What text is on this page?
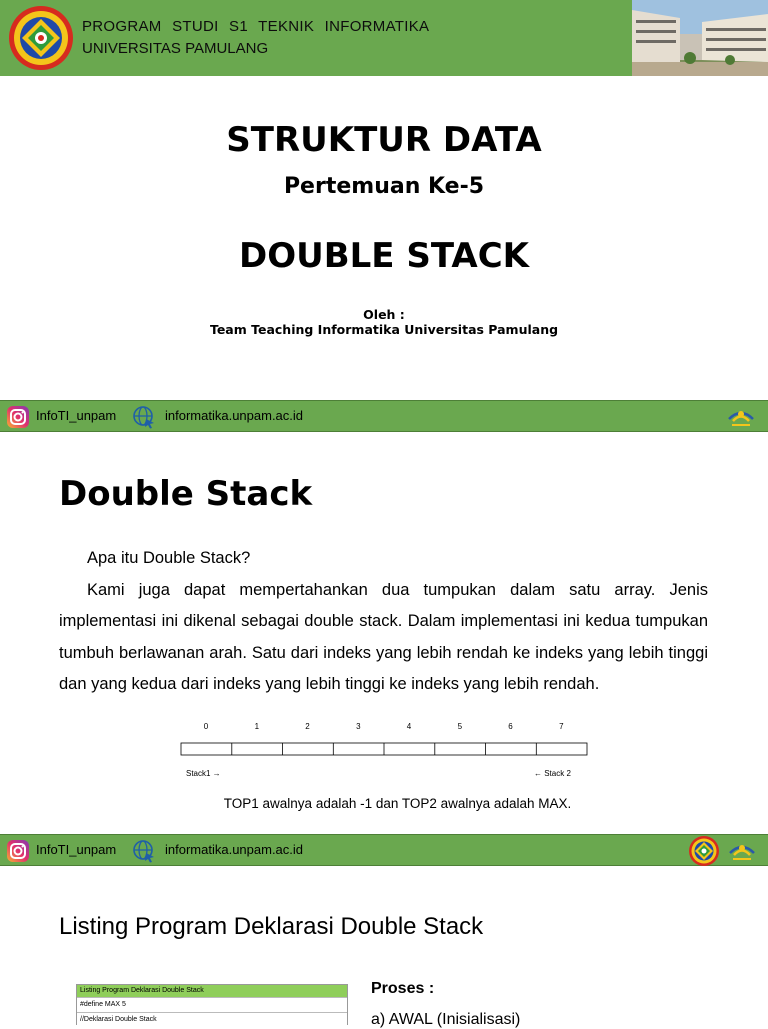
PROGRAM STUDI S1 TEKNIK INFORMATIKA
UNIVERSITAS PAMULANG
STRUKTUR DATA
Pertemuan Ke-5
DOUBLE STACK
Oleh :
Team Teaching Informatika Universitas Pamulang
InfoTI_unpam	informatika.unpam.ac.id
Double Stack

Apa itu Double Stack?

Kami juga dapat mempertahankan dua tumpukan dalam satu array. Jenis implementasi ini dikenal sebagai double stack. Dalam implementasi ini kedua tumpukan tumbuh berlawanan arah. Satu dari indeks yang lebih rendah ke indeks yang lebih tinggi dan yang kedua dari indeks yang lebih tinggi ke indeks yang lebih rendah.

0	1	2	3	4	5	6	7
Stack1 →	← Stack 2
TOP1 awalnya adalah -1 dan TOP2 awalnya adalah MAX.
InfoTI_unpam	informatika.unpam.ac.id
Listing Program Deklarasi Double Stack
Listing Program Deklarasi Double Stack
#define MAX 5
//Deklarasi Double Stack
Proses :
a) AWAL (Inisialisasi)
